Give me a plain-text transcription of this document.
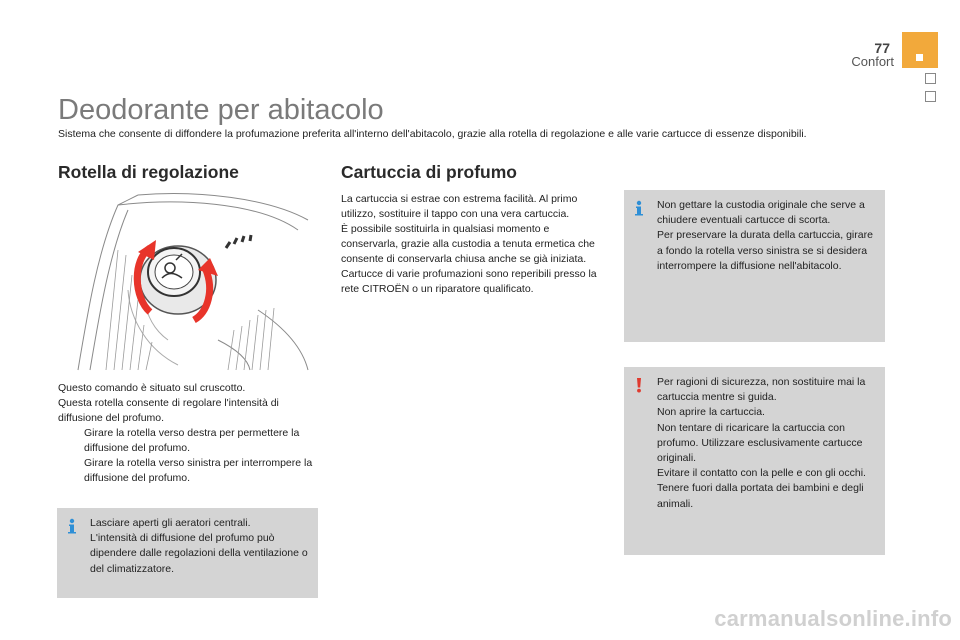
77
Confort
Deodorante per abitacolo
Sistema che consente di diffondere la profumazione preferita all'interno dell'abitacolo, grazie alla rotella di regolazione e alle varie cartucce di essenze disponibili.
Rotella di regolazione

Questo comando è situato sul cruscotto.

Questa rotella consente di regolare l'intensità di diffusione del profumo.

Girare la rotella verso destra per permettere la diffusione del profumo.
Girare la rotella verso sinistra per interrompere la diffusione del profumo.

Lasciare aperti gli aeratori centrali.

L'intensità di diffusione del profumo può dipendere dalle regolazioni della ventilazione o del climatizzatore.

Cartuccia di profumo

La cartuccia si estrae con estrema facilità. Al primo utilizzo, sostituire il tappo con una vera cartuccia.

È possibile sostituirla in qualsiasi momento e conservarla, grazie alla custodia a tenuta ermetica che consente di conservarla chiusa anche se già iniziata.

Cartucce di varie profumazioni sono reperibili presso la rete CITROËN o un riparatore qualificato.

Non gettare la custodia originale che serve a chiudere eventuali cartucce di scorta.

Per preservare la durata della cartuccia, girare a fondo la rotella verso sinistra se si desidera interrompere la diffusione nell'abitacolo.

Per ragioni di sicurezza, non sostituire mai la cartuccia mentre si guida.

Non aprire la cartuccia.

Non tentare di ricaricare la cartuccia con profumo. Utilizzare esclusivamente cartucce originali.

Evitare il contatto con la pelle e con gli occhi.

Tenere fuori dalla portata dei bambini e degli animali.

carmanualsonline.info
